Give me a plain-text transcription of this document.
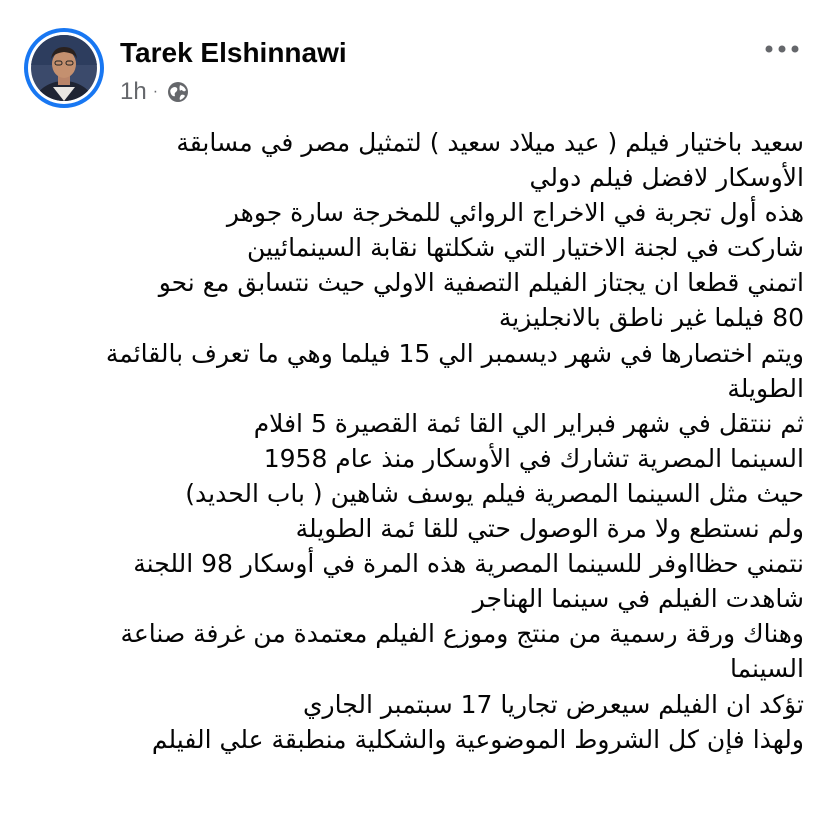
Tarek Elshinnawi
1h ·
سعيد باختيار فيلم ( عيد ميلاد سعيد ) لتمثيل مصر في مسابقة
الأوسكار لافضل فيلم دولي
هذه أول تجربة في الاخراج الروائي للمخرجة سارة جوهر
شاركت في لجنة الاختيار التي شكلتها نقابة السينمائيين
اتمني قطعا ان يجتاز الفيلم التصفية الاولي حيث نتسابق مع نحو
80 فيلما غير ناطق بالانجليزية
ويتم اختصارها في شهر ديسمبر الي 15 فيلما وهي ما تعرف بالقائمة
الطويلة
ثم ننتقل في شهر فبراير الي القا ئمة القصيرة 5 افلام
السينما المصرية تشارك في الأوسكار منذ عام 1958
حيث مثل السينما المصرية فيلم يوسف شاهين ( باب الحديد)
ولم نستطع ولا مرة الوصول حتي للقا ئمة الطويلة
نتمني حظااوفر للسينما المصرية هذه المرة في أوسكار 98 اللجنة
شاهدت الفيلم في سينما الهناجر
وهناك ورقة رسمية من منتج وموزع الفيلم معتمدة من غرفة صناعة
السينما
تؤكد ان الفيلم سيعرض تجاريا 17 سبتمبر الجاري
ولهذا فإن كل الشروط الموضوعية والشكلية منطبقة علي الفيلم
